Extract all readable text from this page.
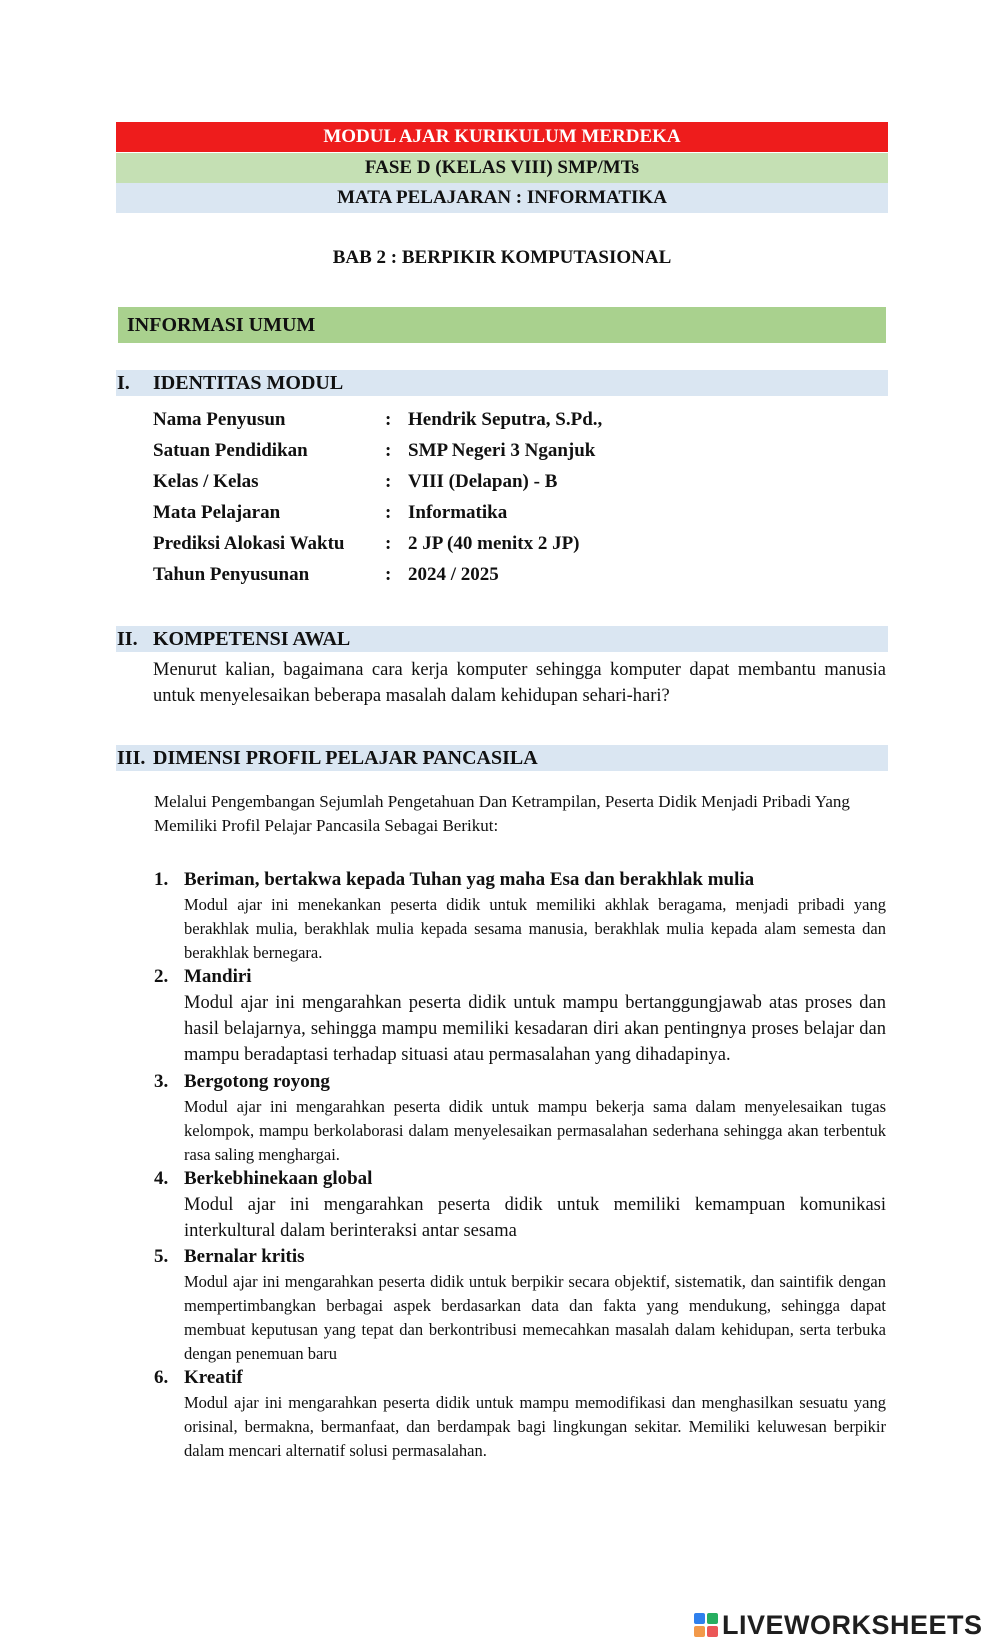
MODUL AJAR KURIKULUM MERDEKA
FASE D (KELAS VIII) SMP/MTs
MATA PELAJARAN : INFORMATIKA
BAB 2 : BERPIKIR KOMPUTASIONAL
INFORMASI UMUM
I. IDENTITAS MODUL
Nama Penyusun	: Hendrik Seputra, S.Pd.,
Satuan Pendidikan	: SMP Negeri 3 Nganjuk
Kelas / Kelas	: VIII (Delapan) - B
Mata Pelajaran	: Informatika
Prediksi Alokasi Waktu : 2 JP (40 menitx 2 JP)
Tahun Penyusunan	: 2024 / 2025
II. KOMPETENSI AWAL

Menurut kalian, bagaimana cara kerja komputer sehingga komputer dapat membantu manusia untuk menyelesaikan beberapa masalah dalam kehidupan sehari-hari?

III. DIMENSI PROFIL PELAJAR PANCASILA

Melalui Pengembangan Sejumlah Pengetahuan Dan Ketrampilan, Peserta Didik Menjadi Pribadi Yang Memiliki Profil Pelajar Pancasila Sebagai Berikut:

1. Beriman, bertakwa kepada Tuhan yag maha Esa dan berakhlak mulia

Modul ajar ini menekankan peserta didik untuk memiliki akhlak beragama, menjadi pribadi yang berakhlak mulia, berakhlak mulia kepada sesama manusia, berakhlak mulia kepada alam semesta dan berakhlak bernegara.

2. Mandiri

Modul ajar ini mengarahkan peserta didik untuk mampu bertanggungjawab atas proses dan hasil belajarnya, sehingga mampu memiliki kesadaran diri akan pentingnya proses belajar dan mampu beradaptasi terhadap situasi atau permasalahan yang dihadapinya.

3. Bergotong royong

Modul ajar ini mengarahkan peserta didik untuk mampu bekerja sama dalam menyelesaikan tugas kelompok, mampu berkolaborasi dalam menyelesaikan permasalahan sederhana sehingga akan terbentuk rasa saling menghargai.

4. Berkebhinekaan global

Modul ajar ini mengarahkan peserta didik untuk memiliki kemampuan komunikasi interkultural dalam berinteraksi antar sesama

5. Bernalar kritis

Modul ajar ini mengarahkan peserta didik untuk berpikir secara objektif, sistematik, dan saintifik dengan mempertimbangkan berbagai aspek berdasarkan data dan fakta yang mendukung, sehingga dapat membuat keputusan yang tepat dan berkontribusi memecahkan masalah dalam kehidupan, serta terbuka dengan penemuan baru

6. Kreatif

Modul ajar ini mengarahkan peserta didik untuk mampu memodifikasi dan menghasilkan sesuatu yang orisinal, bermakna, bermanfaat, dan berdampak bagi lingkungan sekitar. Memiliki keluwesan berpikir dalam mencari alternatif solusi permasalahan.

LIVEWORKSHEETS
